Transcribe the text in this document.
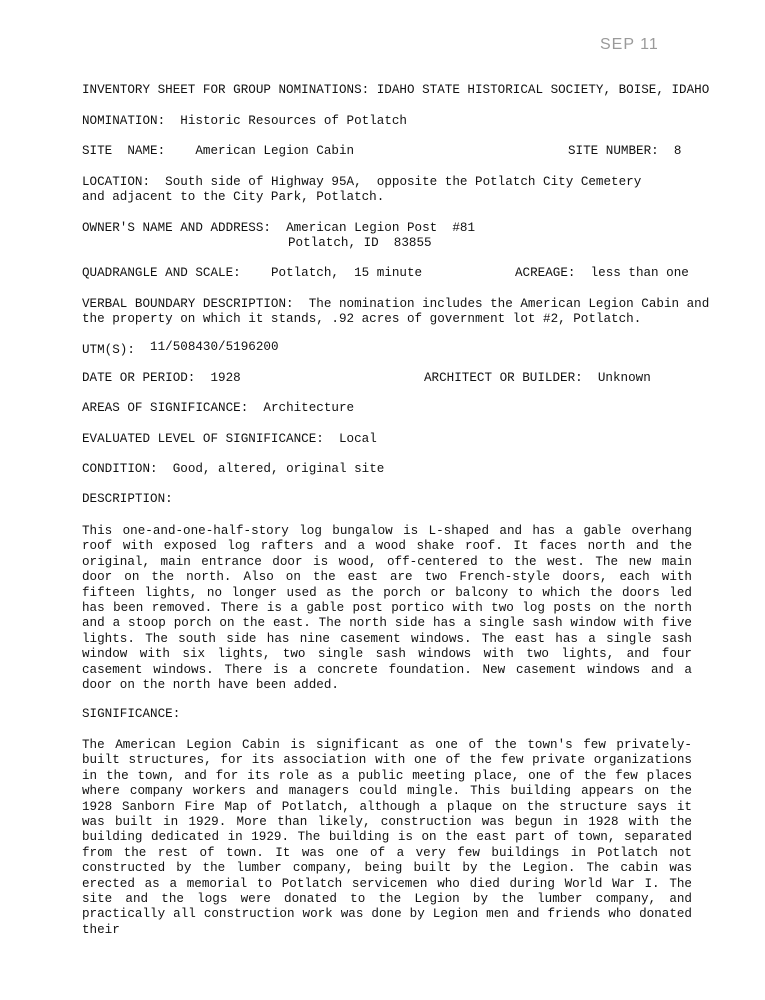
SEP 11
INVENTORY SHEET FOR GROUP NOMINATIONS: IDAHO STATE HISTORICAL SOCIETY, BOISE, IDAHO
NOMINATION: Historic Resources of Potlatch
SITE  NAME: American Legion Cabin	SITE NUMBER: 8
LOCATION: South side of Highway 95A,  opposite the Potlatch City Cemetery
and adjacent to the City Park, Potlatch.
OWNER'S NAME AND ADDRESS: American Legion Post  #81
Potlatch, ID  83855
QUADRANGLE AND SCALE: Potlatch,  15 minute	ACREAGE: less than one
VERBAL BOUNDARY DESCRIPTION: The nomination includes the American Legion Cabin and
the property on which it stands, .92 acres of government lot #2, Potlatch.
UTM(S): 11/508430/5196200
DATE OR PERIOD: 1928	ARCHITECT OR BUILDER: Unknown
AREAS OF SIGNIFICANCE: Architecture
EVALUATED LEVEL OF SIGNIFICANCE: Local
CONDITION: Good, altered, original site
DESCRIPTION:

This one-and-one-half-story log bungalow is L-shaped and has a gable overhang roof with exposed log rafters and a wood shake roof. It faces north and the original, main entrance door is wood, off-centered to the west. The new main door on the north. Also on the east are two French-style doors, each with fifteen lights, no longer used as the porch or balcony to which the doors led has been removed. There is a gable post portico with two log posts on the north and a stoop porch on the east. The north side has a single sash window with five lights. The south side has nine casement windows. The east has a single sash window with six lights, two single sash windows with two lights, and four casement windows. There is a concrete foundation. New casement windows and a door on the north have been added.

SIGNIFICANCE:

The American Legion Cabin is significant as one of the town's few privately-built structures, for its association with one of the few private organizations in the town, and for its role as a public meeting place, one of the few places where company workers and managers could mingle. This building appears on the 1928 Sanborn Fire Map of Potlatch, although a plaque on the structure says it was built in 1929. More than likely, construction was begun in 1928 with the building dedicated in 1929. The building is on the east part of town, separated from the rest of town. It was one of a very few buildings in Potlatch not constructed by the lumber company, being built by the Legion. The cabin was erected as a memorial to Potlatch servicemen who died during World War I. The site and the logs were donated to the Legion by the lumber company, and practically all construction work was done by Legion men and friends who donated their
